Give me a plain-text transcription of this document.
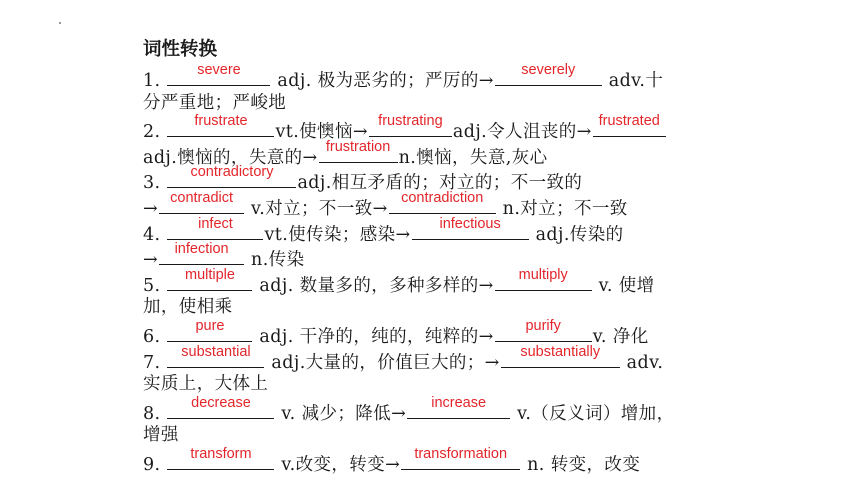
词性转换
1.
severe
adj. 极为恶劣的；严厉的→
severely
adv.十
分严重地；严峻地
2.
frustrate
vt.使懊恼→
frustrating
adj.令人沮丧的→
frustrated
adj.懊恼的，失意的→
frustration
n.懊恼，失意,灰心
3.
contradictory
adj.相互矛盾的；对立的；不一致的
→
contradict
v.对立；不一致→
contradiction
n.对立；不一致
4.
infect
vt.使传染；感染→
infectious
adj.传染的
→
infection
n.传染
5.
multiple
adj. 数量多的，多种多样的→
multiply
v. 使增
加，使相乘
6.
pure
adj. 干净的，纯的，纯粹的→
purify
v. 净化
7.
substantial
adj.大量的，价值巨大的；→
substantially
adv.
实质上，大体上
8.
decrease
v. 减少；降低→
increase
v.（反义词）增加，
增强
9.
transform
v.改变，转变→
transformation
n. 转变，改变
